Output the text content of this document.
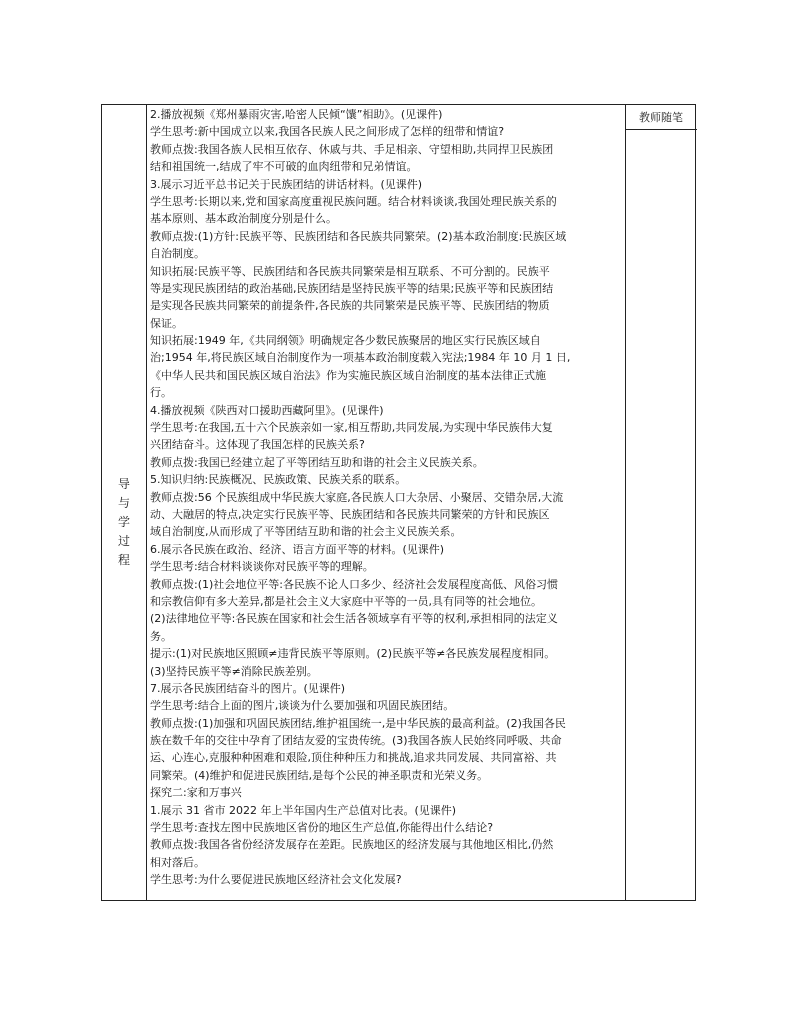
导
与
学
过
程
教师随笔
2.播放视频《郑州暴雨灾害,哈密人民倾“馕”相助》。(见课件)
学生思考:新中国成立以来,我国各民族人民之间形成了怎样的纽带和情谊?
教师点拨:我国各族人民相互依存、休戚与共、手足相亲、守望相助,共同捍卫民族团
结和祖国统一,结成了牢不可破的血肉纽带和兄弟情谊。
3.展示习近平总书记关于民族团结的讲话材料。(见课件)
学生思考:长期以来,党和国家高度重视民族问题。结合材料谈谈,我国处理民族关系的
基本原则、基本政治制度分别是什么。
教师点拨:(1)方针:民族平等、民族团结和各民族共同繁荣。(2)基本政治制度:民族区域
自治制度。
知识拓展:民族平等、民族团结和各民族共同繁荣是相互联系、不可分割的。民族平
等是实现民族团结的政治基础,民族团结是坚持民族平等的结果;民族平等和民族团结
是实现各民族共同繁荣的前提条件,各民族的共同繁荣是民族平等、民族团结的物质
保证。
知识拓展:1949 年,《共同纲领》明确规定各少数民族聚居的地区实行民族区域自
治;1954 年,将民族区域自治制度作为一项基本政治制度载入宪法;1984 年 10 月 1 日,
《中华人民共和国民族区域自治法》作为实施民族区域自治制度的基本法律正式施
行。
4.播放视频《陕西对口援助西藏阿里》。(见课件)
学生思考:在我国,五十六个民族亲如一家,相互帮助,共同发展,为实现中华民族伟大复
兴团结奋斗。这体现了我国怎样的民族关系?
教师点拨:我国已经建立起了平等团结互助和谐的社会主义民族关系。
5.知识归纳:民族概况、民族政策、民族关系的联系。
教师点拨:56 个民族组成中华民族大家庭,各民族人口大杂居、小聚居、交错杂居,大流
动、大融居的特点,决定实行民族平等、民族团结和各民族共同繁荣的方针和民族区
域自治制度,从而形成了平等团结互助和谐的社会主义民族关系。
6.展示各民族在政治、经济、语言方面平等的材料。(见课件)
学生思考:结合材料谈谈你对民族平等的理解。
教师点拨:(1)社会地位平等:各民族不论人口多少、经济社会发展程度高低、风俗习惯
和宗教信仰有多大差异,都是社会主义大家庭中平等的一员,具有同等的社会地位。
(2)法律地位平等:各民族在国家和社会生活各领域享有平等的权利,承担相同的法定义
务。
提示:(1)对民族地区照顾≠违背民族平等原则。(2)民族平等≠各民族发展程度相同。
(3)坚持民族平等≠消除民族差别。
7.展示各民族团结奋斗的图片。(见课件)
学生思考:结合上面的图片,谈谈为什么要加强和巩固民族团结。
教师点拨:(1)加强和巩固民族团结,维护祖国统一,是中华民族的最高利益。(2)我国各民
族在数千年的交往中孕育了团结友爱的宝贵传统。(3)我国各族人民始终同呼吸、共命
运、心连心,克服种种困难和艰险,顶住种种压力和挑战,追求共同发展、共同富裕、共
同繁荣。(4)维护和促进民族团结,是每个公民的神圣职责和光荣义务。
探究二:家和万事兴
1.展示 31 省市 2022 年上半年国内生产总值对比表。(见课件)
学生思考:查找左图中民族地区省份的地区生产总值,你能得出什么结论?
教师点拨:我国各省份经济发展存在差距。民族地区的经济发展与其他地区相比,仍然
相对落后。
学生思考:为什么要促进民族地区经济社会文化发展?
